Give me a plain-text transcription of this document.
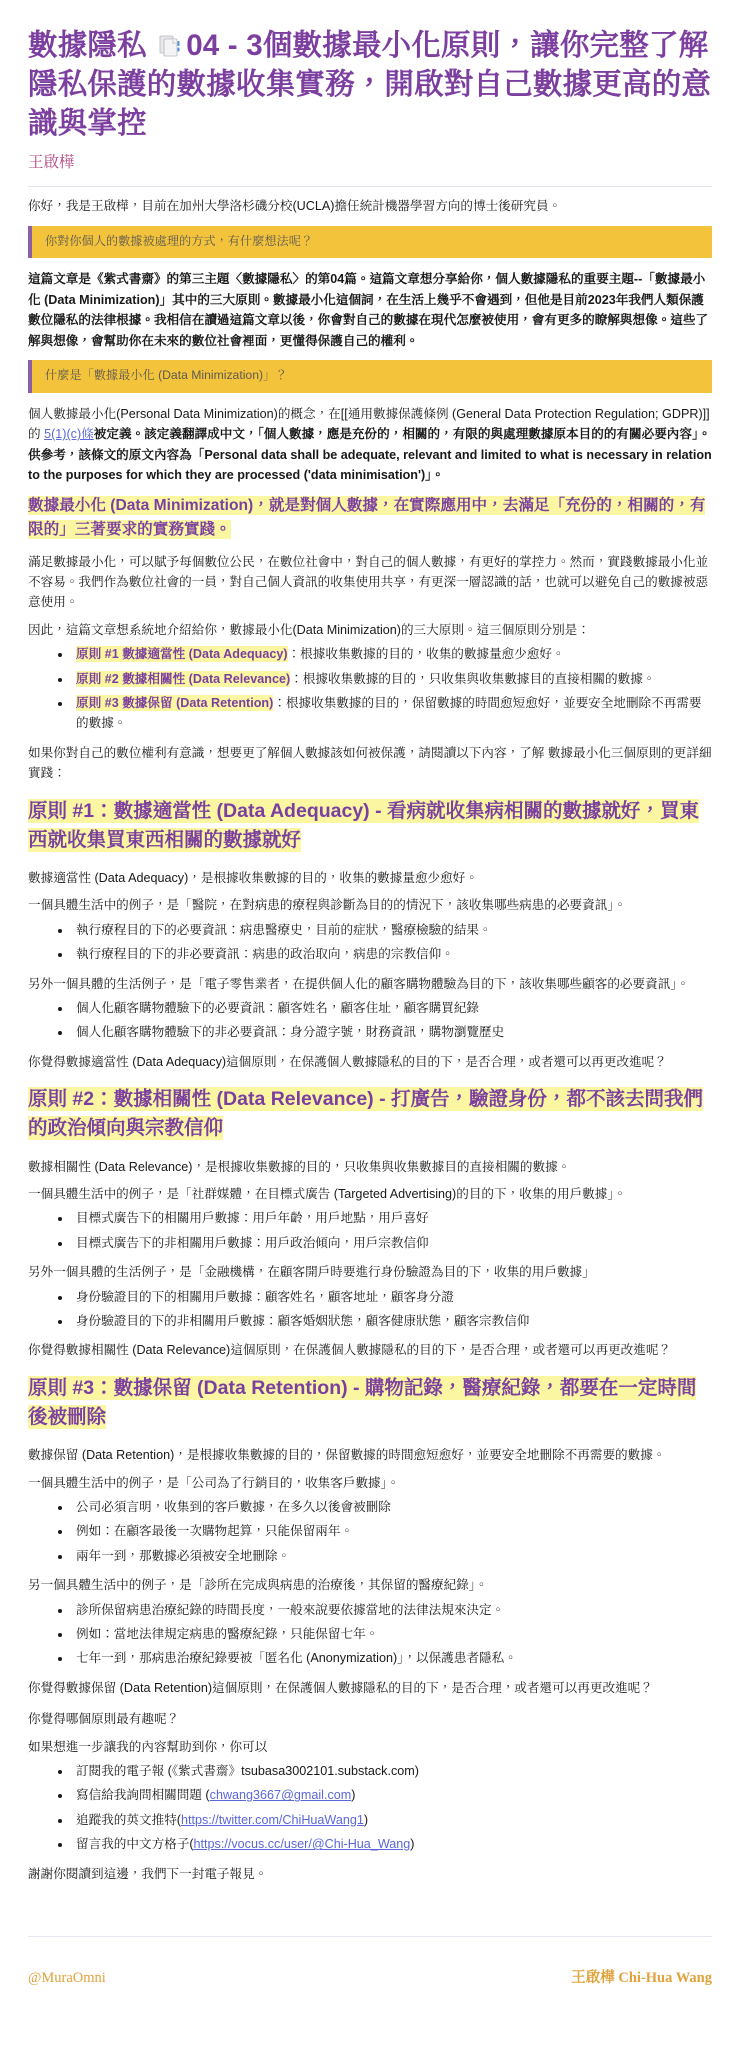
數據隱私 04 - 3個數據最小化原則，讓你完整了解隱私保護的數據收集實務，開啟對自己數據更高的意識與掌控
王啟樺

你好，我是王啟樺，目前在加州大學洛杉磯分校(UCLA)擔任統計機器學習方向的博士後研究員。

你對你個人的數據被處理的方式，有什麼想法呢？

這篇文章是《紫式書齋》的第三主題〈數據隱私〉的第04篇。這篇文章想分享給你，個人數據隱私的重要主題--「數據最小化 (Data Minimization)」其中的三大原則。數據最小化這個詞，在生活上幾乎不會遇到，但他是目前2023年我們人類保護數位隱私的法律根據。我相信在讀過這篇文章以後，你會對自己的數據在現代怎麼被使用，會有更多的瞭解與想像。這些了解與想像，會幫助你在未來的數位社會裡面，更懂得保護自己的權利。

什麼是「數據最小化 (Data Minimization)」？

個人數據最小化(Personal Data Minimization)的概念，在[[通用數據保護條例 (General Data Protection Regulation; GDPR)]] 的 5(1)(c)條被定義。該定義翻譯成中文，「個人數據，應是充份的，相關的，有限的與處理數據原本目的的有關必要內容」。供參考，該條文的原文內容為「Personal data shall be adequate, relevant and limited to what is necessary in relation to the purposes for which they are processed ('data minimisation')」。

數據最小化 (Data Minimization)，就是對個人數據，在實際應用中，去滿足「充份的，相關的，有限的」三著要求的實務實踐。

滿足數據最小化，可以賦予每個數位公民，在數位社會中，對自己的個人數據，有更好的掌控力。然而，實踐數據最小化並不容易。我們作為數位社會的一員，對自己個人資訊的收集使用共享，有更深一層認識的話，也就可以避免自己的數據被惡意使用。

因此，這篇文章想系統地介紹給你，數據最小化(Data Minimization)的三大原則。這三個原則分別是：

原則 #1 數據適當性 (Data Adequacy)：根據收集數據的目的，收集的數據量愈少愈好。
原則 #2 數據相關性 (Data Relevance)：根據收集數據的目的，只收集與收集數據目的直接相關的數據。
原則 #3 數據保留 (Data Retention)：根據收集數據的目的，保留數據的時間愈短愈好，並要安全地刪除不再需要的數據。

如果你對自己的數位權利有意識，想要更了解個人數據該如何被保護，請閱讀以下內容，了解 數據最小化三個原則的更詳細實踐：

原則 #1：數據適當性 (Data Adequacy) - 看病就收集病相關的數據就好，買東西就收集買東西相關的數據就好

數據適當性 (Data Adequacy)，是根據收集數據的目的，收集的數據量愈少愈好。

一個具體生活中的例子，是「醫院，在對病患的療程與診斷為目的的情況下，該收集哪些病患的必要資訊」。

執行療程目的下的必要資訊：病患醫療史，目前的症狀，醫療檢驗的結果。
執行療程目的下的非必要資訊：病患的政治取向，病患的宗教信仰。

另外一個具體的生活例子，是「電子零售業者，在提供個人化的顧客購物體驗為目的下，該收集哪些顧客的必要資訊」。

個人化顧客購物體驗下的必要資訊：顧客姓名，顧客住址，顧客購買紀錄
個人化顧客購物體驗下的非必要資訊：身分證字號，財務資訊，購物瀏覽歷史

你覺得數據適當性 (Data Adequacy)這個原則，在保護個人數據隱私的目的下，是否合理，或者還可以再更改進呢？

原則 #2：數據相關性 (Data Relevance) - 打廣告，驗證身份，都不該去問我們的政治傾向與宗教信仰

數據相關性 (Data Relevance)，是根據收集數據的目的，只收集與收集數據目的直接相關的數據。

一個具體生活中的例子，是「社群媒體，在目標式廣告 (Targeted Advertising)的目的下，收集的用戶數據」。

目標式廣告下的相關用戶數據：用戶年齡，用戶地點，用戶喜好
目標式廣告下的非相關用戶數據：用戶政治傾向，用戶宗教信仰

另外一個具體的生活例子，是「金融機構，在顧客開戶時要進行身份驗證為目的下，收集的用戶數據」

身份驗證目的下的相關用戶數據：顧客姓名，顧客地址，顧客身分證
身份驗證目的下的非相關用戶數據：顧客婚姻狀態，顧客健康狀態，顧客宗教信仰

你覺得數據相關性 (Data Relevance)這個原則，在保護個人數據隱私的目的下，是否合理，或者還可以再更改進呢？

原則 #3：數據保留 (Data Retention) - 購物記錄，醫療紀錄，都要在一定時間後被刪除

數據保留 (Data Retention)，是根據收集數據的目的，保留數據的時間愈短愈好，並要安全地刪除不再需要的數據。

一個具體生活中的例子，是「公司為了行銷目的，收集客戶數據」。

公司必須言明，收集到的客戶數據，在多久以後會被刪除
例如：在顧客最後一次購物起算，只能保留兩年。
兩年一到，那數據必須被安全地刪除。

另一個具體生活中的例子，是「診所在完成與病患的治療後，其保留的醫療紀錄」。

診所保留病患治療紀錄的時間長度，一般來說要依據當地的法律法規來決定。
例如：當地法律規定病患的醫療紀錄，只能保留七年。
七年一到，那病患治療紀錄要被「匿名化 (Anonymization)」，以保護患者隱私。

你覺得數據保留 (Data Retention)這個原則，在保護個人數據隱私的目的下，是否合理，或者還可以再更改進呢？

你覺得哪個原則最有趣呢？

如果想進一步讓我的內容幫助到你，你可以

訂閱我的電子報 (《紫式書齋》tsubasa3002101.substack.com)
寫信給我詢問相關問題 (chwang3667@gmail.com)
追蹤我的英文推特(https://twitter.com/ChiHuaWang1)
留言我的中文方格子(https://vocus.cc/user/@Chi-Hua_Wang)

謝謝你閱讀到這邊，我們下一封電子報見。

@MuraOmni	王啟樺 Chi-Hua Wang
